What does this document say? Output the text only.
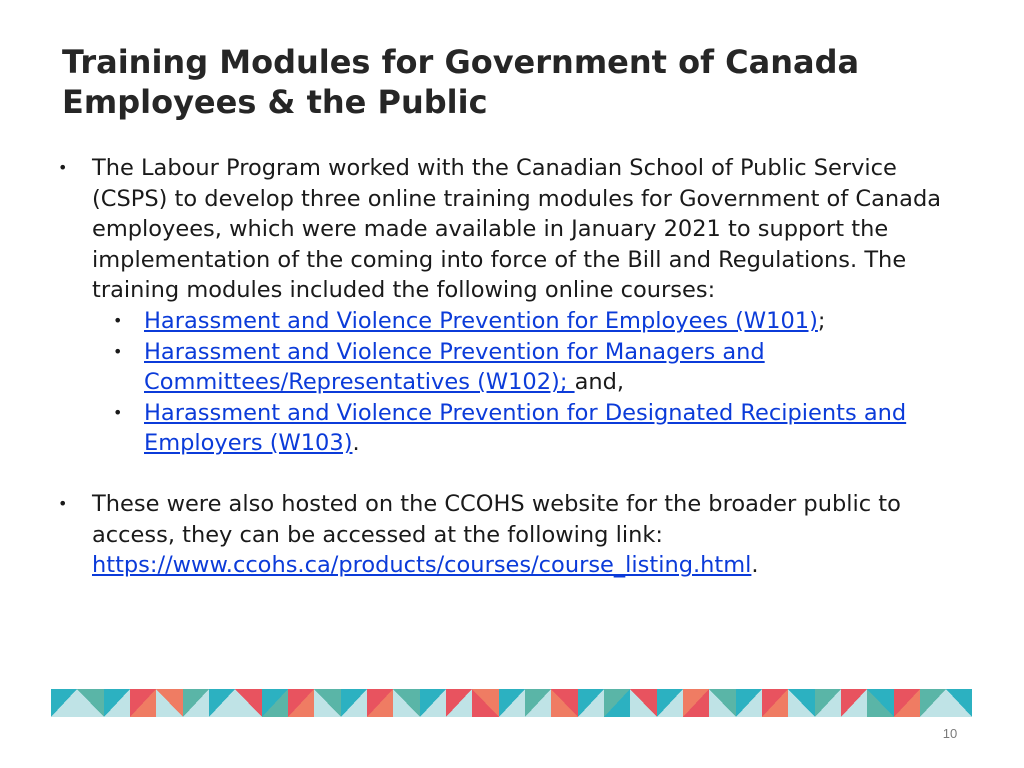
Training Modules for Government of Canada Employees & the Public
•	The Labour Program worked with the Canadian School of Public Service (CSPS) to develop three online training modules for Government of Canada employees, which were made available in January 2021 to support the implementation of the coming into force of the Bill and Regulations. The training modules included the following online courses:
• Harassment and Violence Prevention for Employees (W101);
• Harassment and Violence Prevention for Managers and Committees/Representatives (W102); and,
• Harassment and Violence Prevention for Designated Recipients and Employers (W103).
•	These were also hosted on the CCOHS website for the broader public to access, they can be accessed at the following link: https://www.ccohs.ca/products/courses/course_listing.html.
10
